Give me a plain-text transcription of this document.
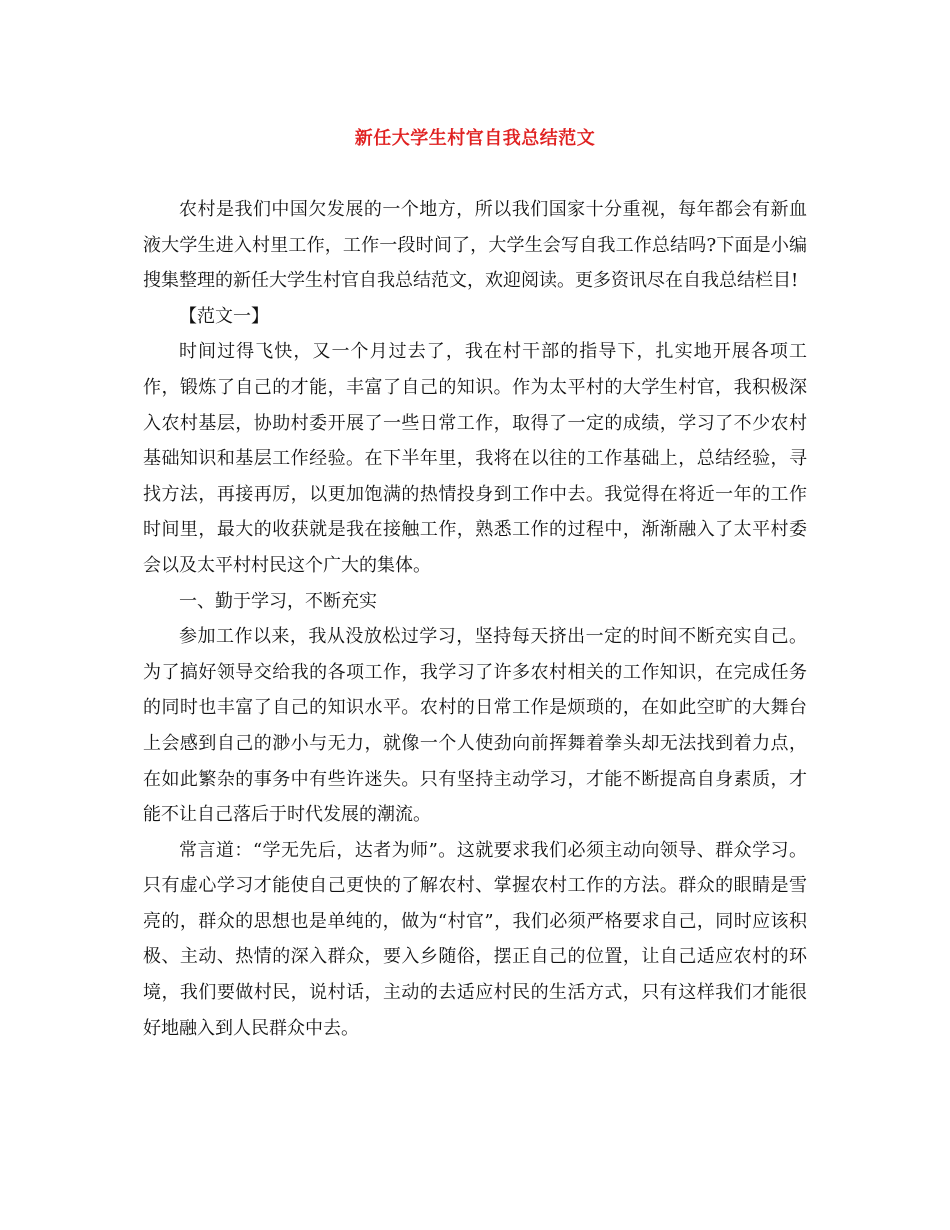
新任大学生村官自我总结范文

农村是我们中国欠发展的一个地方，所以我们国家十分重视，每年都会有新血液大学生进入村里工作，工作一段时间了，大学生会写自我工作总结吗?下面是小编搜集整理的新任大学生村官自我总结范文，欢迎阅读。更多资讯尽在自我总结栏目!

【范文一】

时间过得飞快，又一个月过去了，我在村干部的指导下，扎实地开展各项工作，锻炼了自己的才能，丰富了自己的知识。作为太平村的大学生村官，我积极深入农村基层，协助村委开展了一些日常工作，取得了一定的成绩，学习了不少农村基础知识和基层工作经验。在下半年里，我将在以往的工作基础上，总结经验，寻找方法，再接再厉，以更加饱满的热情投身到工作中去。我觉得在将近一年的工作时间里，最大的收获就是我在接触工作，熟悉工作的过程中，渐渐融入了太平村委会以及太平村村民这个广大的集体。

一、勤于学习，不断充实

参加工作以来，我从没放松过学习，坚持每天挤出一定的时间不断充实自己。为了搞好领导交给我的各项工作，我学习了许多农村相关的工作知识，在完成任务的同时也丰富了自己的知识水平。农村的日常工作是烦琐的，在如此空旷的大舞台上会感到自己的渺小与无力，就像一个人使劲向前挥舞着拳头却无法找到着力点，在如此繁杂的事务中有些许迷失。只有坚持主动学习，才能不断提高自身素质，才能不让自己落后于时代发展的潮流。

常言道：“学无先后，达者为师”。这就要求我们必须主动向领导、群众学习。只有虚心学习才能使自己更快的了解农村、掌握农村工作的方法。群众的眼睛是雪亮的，群众的思想也是单纯的，做为“村官”，我们必须严格要求自己，同时应该积极、主动、热情的深入群众，要入乡随俗，摆正自己的位置，让自己适应农村的环境，我们要做村民，说村话，主动的去适应村民的生活方式，只有这样我们才能很好地融入到人民群众中去。
